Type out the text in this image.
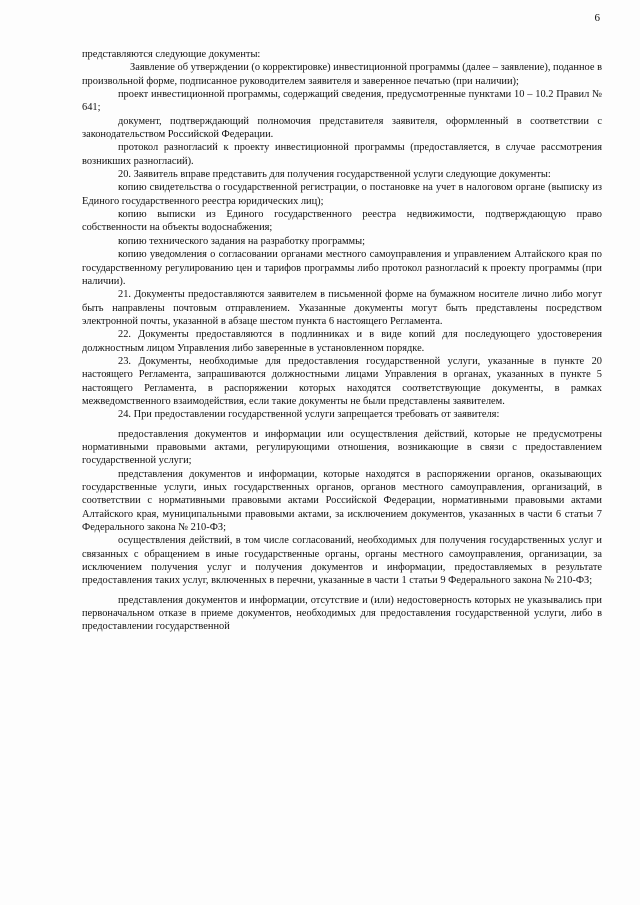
6

представляются следующие документы:

Заявление об утверждении (о корректировке) инвестиционной программы (далее – заявление), поданное в произвольной форме, подписанное руководителем заявителя и заверенное печатью (при наличии);

проект инвестиционной программы, содержащий сведения, предусмотренные пунктами 10 – 10.2 Правил № 641;

документ, подтверждающий полномочия представителя заявителя, оформленный в соответствии с законодательством Российской Федерации.

протокол разногласий к проекту инвестиционной программы (предоставляется, в случае рассмотрения возникших разногласий).

20. Заявитель вправе представить для получения государственной услуги следующие документы:

копию свидетельства о государственной регистрации, о постановке на учет в налоговом органе (выписку из Единого государственного реестра юридических лиц);

копию выписки из Единого государственного реестра недвижимости, подтверждающую право собственности на объекты водоснабжения;

копию технического задания на разработку программы;

копию уведомления о согласовании органами местного самоуправления и управлением Алтайского края по государственному регулированию цен и тарифов программы либо протокол разногласий к проекту программы (при наличии).

21. Документы предоставляются заявителем в письменной форме на бумажном носителе лично либо могут быть направлены почтовым отправлением. Указанные документы могут быть представлены посредством электронной почты, указанной в абзаце шестом пункта 6 настоящего Регламента.

22. Документы предоставляются в подлинниках и в виде копий для последующего удостоверения должностным лицом Управления либо заверенные в установленном порядке.

23. Документы, необходимые для предоставления государственной услуги, указанные в пункте 20 настоящего Регламента, запрашиваются должностными лицами Управления в органах, указанных в пункте 5 настоящего Регламента, в распоряжении которых находятся соответствующие документы, в рамках межведомственного взаимодействия, если такие документы не были представлены заявителем.

24. При предоставлении государственной услуги запрещается требовать от заявителя:

предоставления документов и информации или осуществления действий, которые не предусмотрены нормативными правовыми актами, регулирующими отношения, возникающие в связи с предоставлением государственной услуги;

представления документов и информации, которые находятся в распоряжении органов, оказывающих государственные услуги, иных государственных органов, органов местного самоуправления, организаций, в соответствии с нормативными правовыми актами Российской Федерации, нормативными правовыми актами Алтайского края, муниципальными правовыми актами, за исключением документов, указанных в части 6 статьи 7 Федерального закона № 210-ФЗ;

осуществления действий, в том числе согласований, необходимых для получения государственных услуг и связанных с обращением в иные государственные органы, органы местного самоуправления, организации, за исключением получения услуг и получения документов и информации, предоставляемых в результате предоставления таких услуг, включенных в перечни, указанные в части 1 статьи 9 Федерального закона № 210-ФЗ;

представления документов и информации, отсутствие и (или) недостоверность которых не указывались при первоначальном отказе в приеме документов, необходимых для предоставления государственной услуги, либо в предоставлении государственной
